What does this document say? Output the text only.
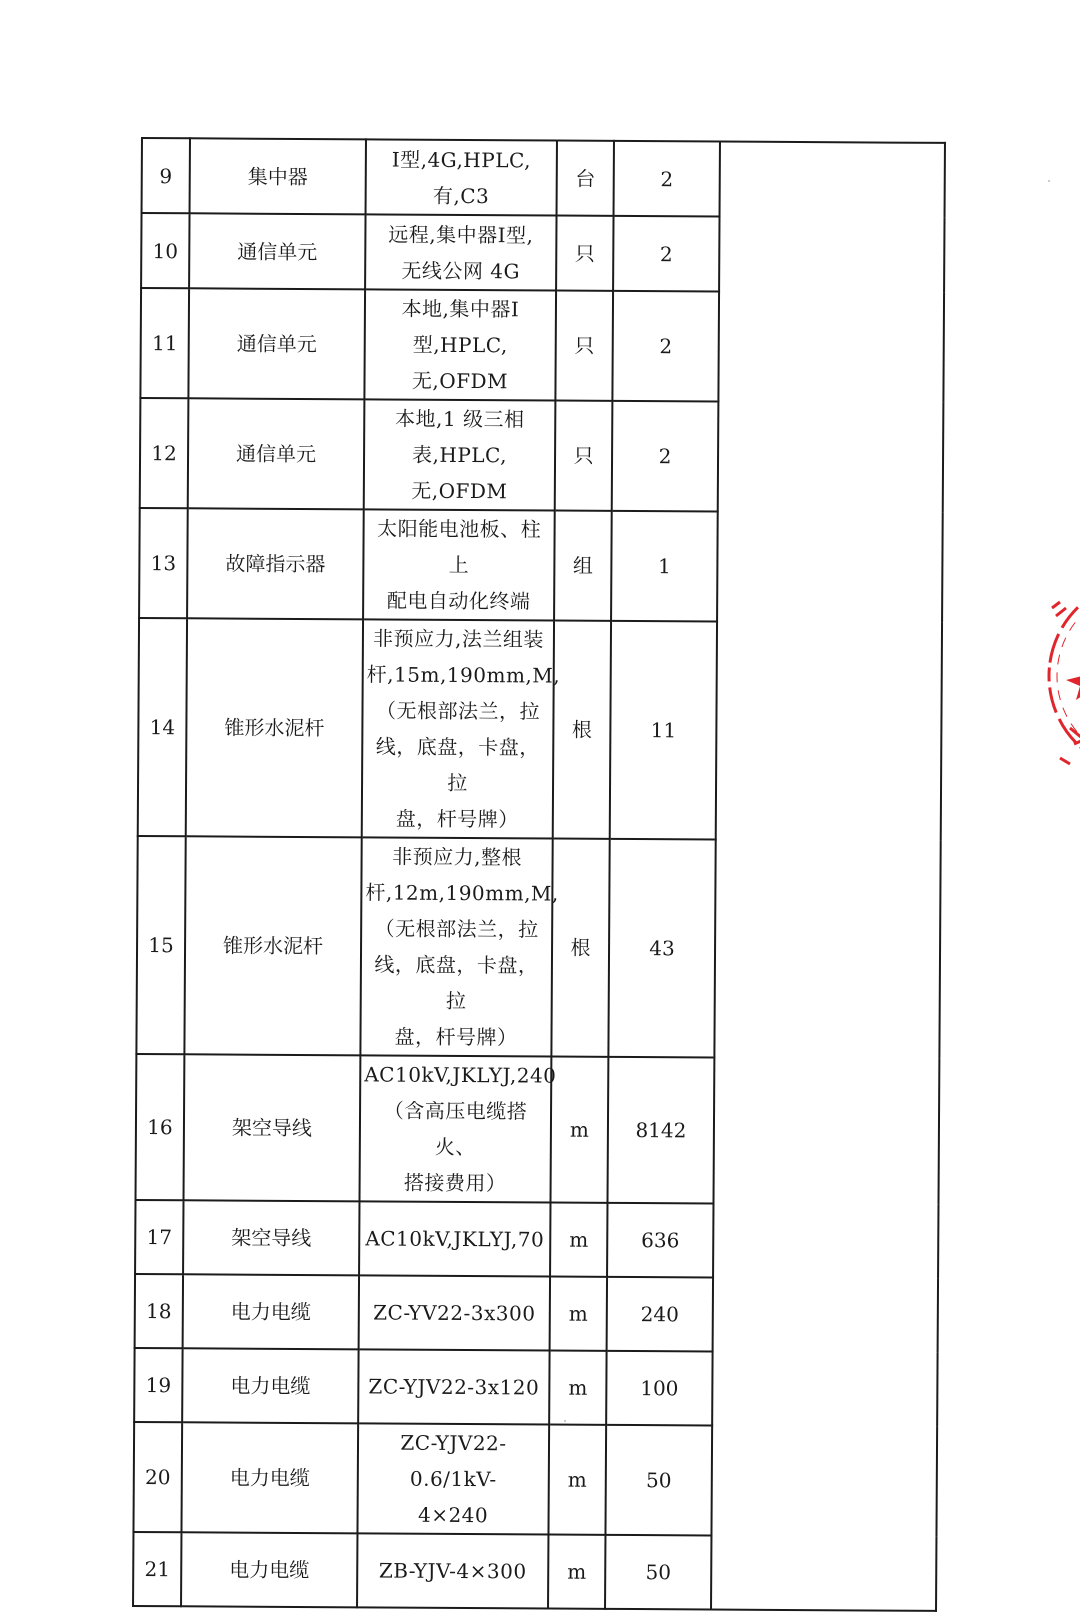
9	集中器	Ⅰ型,4G,HPLC,
有,C3	台	2	
10	通信单元	远程,集中器Ⅰ型,
无线公网 4G	只	2	
11	通信单元	本地,集中器Ⅰ
型,HPLC,无,OFDM	只	2	
12	通信单元	本地,1 级三相
表,HPLC,无,OFDM	只	2	
13	故障指示器	太阳能电池板、柱上
配电自动化终端	组	1	
14	锥形水泥杆	非预应力,法兰组装
杆,15m,190mm,M,
（无根部法兰，拉
线，底盘，卡盘，拉
盘，杆号牌）	根	11	
15	锥形水泥杆	非预应力,整根
杆,12m,190mm,M,
（无根部法兰，拉
线，底盘，卡盘，拉
盘，杆号牌）	根	43	
16	架空导线	AC10kV,JKLYJ,240
（含高压电缆搭火、
搭接费用）	m	8142	
17	架空导线	AC10kV,JKLYJ,70	m	636	
18	电力电缆	ZC-YV22-3x300	m	240	
19	电力电缆	ZC-YJV22-3x120	m	100	
20	电力电缆	ZC-YJV22-0.6/1kV-
4×240	m	50	
21	电力电缆	ZB-YJV-4×300	m	50	
